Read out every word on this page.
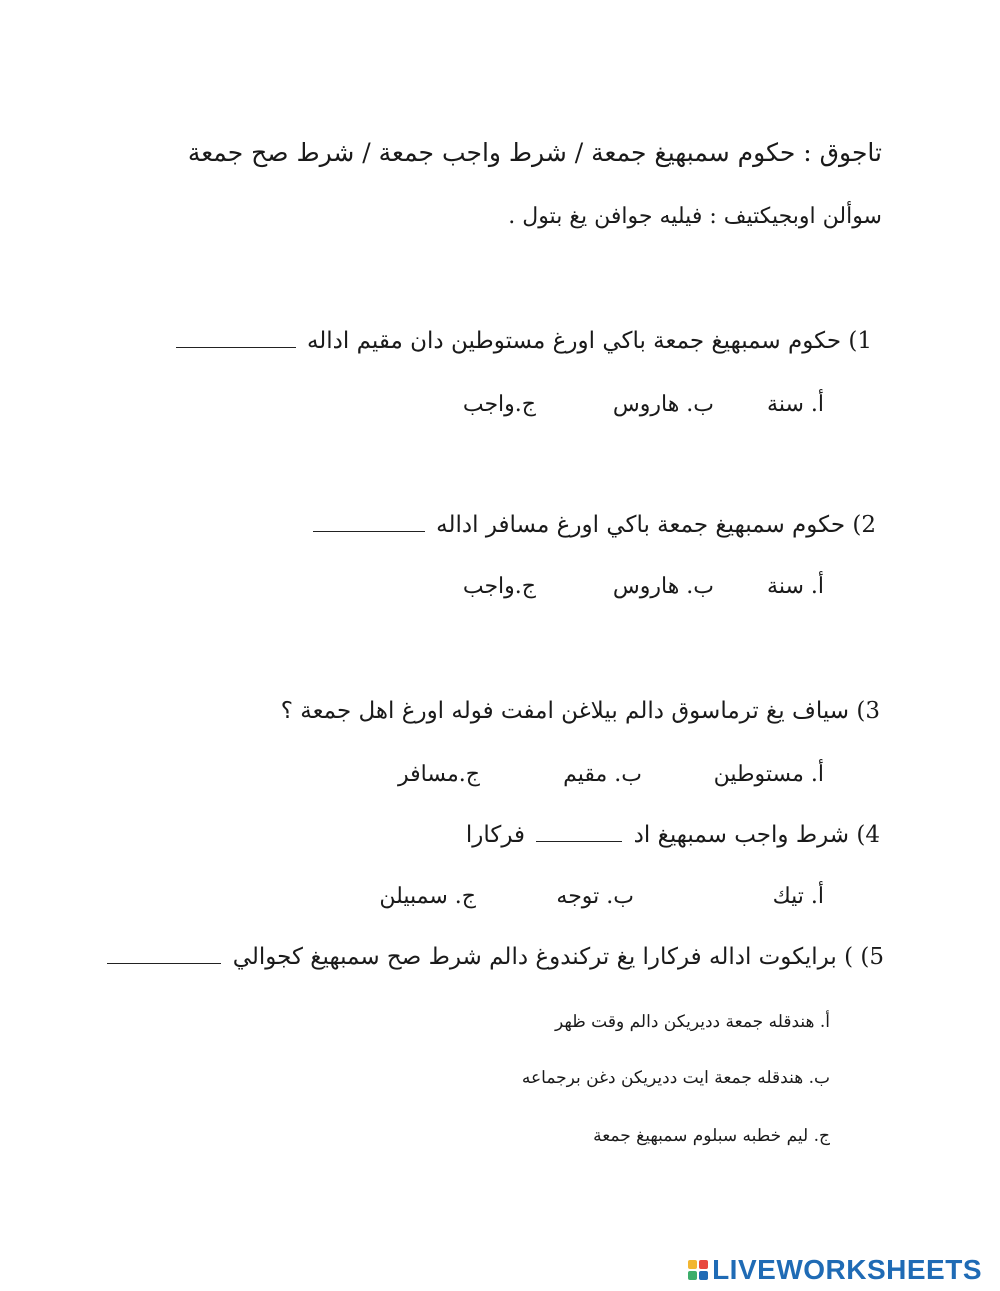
تاجوق : حكوم سمبهيغ جمعة / شرط واجب جمعة / شرط صح جمعة
سوألن اوبجيكتيف : فيليه جوافن يغ بتول .
1) حكوم سمبهيغ جمعة باكي اورغ مستوطين دان مقيم اداله
أ. سنة
ب. هاروس
ج.واجب
2) حكوم سمبهيغ جمعة باكي اورغ مسافر اداله
أ. سنة
ب. هاروس
ج.واجب
3) سياف يغ ترماسوق دالم بيلاغن امفت فوله اورغ اهل جمعة ؟
أ. مستوطين
ب. مقيم
ج.مسافر
4) شرط واجب سمبهيغ اد  فركارا
أ. تيك
ب. توجه
ج. سمبيلن
5) ) برايكوت اداله فركارا يغ تركندوغ دالم شرط صح سمبهيغ كجوالي
أ. هندقله جمعة دديريكن دالم وقت ظهر
ب. هندقله جمعة ايت دديريكن دغن برجماعه
ج. ليم خطبه سبلوم سمبهيغ جمعة
LIVEWORKSHEETS
